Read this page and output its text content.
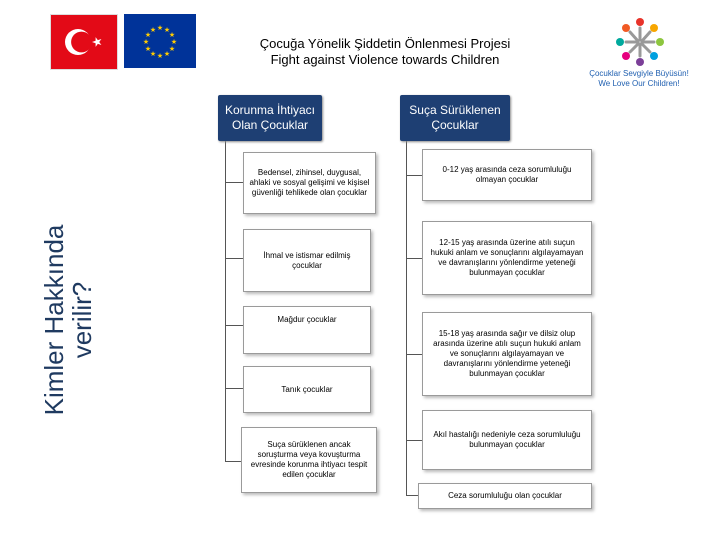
★ ★
★
★
★
★
★
★
★
★
★
★
Çocuğa Yönelik Şiddetin Önlenmesi Projesi
Fight against Violence towards Children
Çocuklar Sevgiyle Büyüsün!
We Love Our Children!
Kimler Hakkında
verilir?
Korunma İhtiyacı Olan Çocuklar
Suça Sürüklenen Çocuklar
Bedensel, zihinsel, duygusal, ahlaki ve sosyal gelişimi ve kişisel güvenliği tehlikede olan çocuklar
İhmal ve istismar edilmiş çocuklar
Mağdur çocuklar
Tanık çocuklar
Suça sürüklenen ancak soruşturma veya kovuşturma evresinde korunma ihtiyacı tespit edilen çocuklar
0-12 yaş arasında ceza sorumluluğu olmayan çocuklar
12-15 yaş arasında üzerine atılı suçun hukuki anlam ve sonuçlarını algılayamayan ve davranışlarını yönlendirme yeteneği bulunmayan çocuklar
15-18 yaş arasında sağır ve dilsiz olup arasında üzerine atılı suçun hukuki anlam ve sonuçlarını algılayamayan ve davranışlarını yönlendirme yeteneği bulunmayan çocuklar
Akıl hastalığı nedeniyle ceza sorumluluğu bulunmayan çocuklar
Ceza sorumluluğu olan çocuklar
